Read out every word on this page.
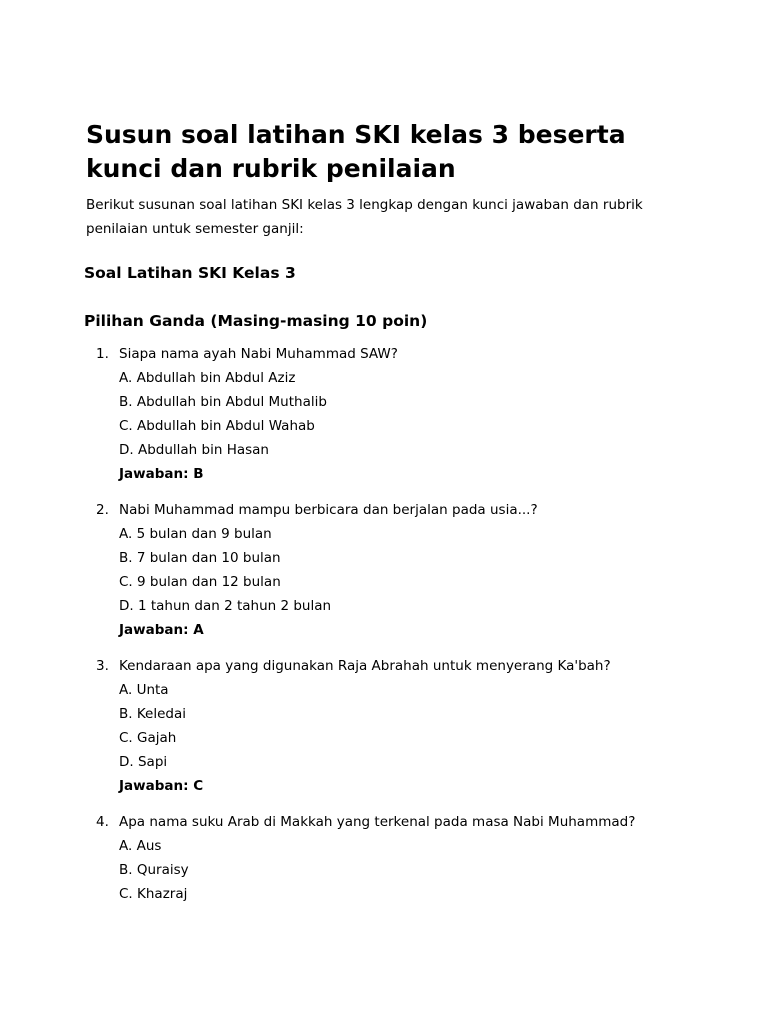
Susun soal latihan SKI kelas 3 beserta kunci dan rubrik penilaian

Berikut susunan soal latihan SKI kelas 3 lengkap dengan kunci jawaban dan rubrik penilaian untuk semester ganjil:

Soal Latihan SKI Kelas 3
Pilihan Ganda (Masing-masing 10 poin)
1. Siapa nama ayah Nabi Muhammad SAW?
A. Abdullah bin Abdul Aziz
B. Abdullah bin Abdul Muthalib
C. Abdullah bin Abdul Wahab
D. Abdullah bin Hasan
Jawaban: B
2. Nabi Muhammad mampu berbicara dan berjalan pada usia...?
A. 5 bulan dan 9 bulan
B. 7 bulan dan 10 bulan
C. 9 bulan dan 12 bulan
D. 1 tahun dan 2 tahun 2 bulan
Jawaban: A
3. Kendaraan apa yang digunakan Raja Abrahah untuk menyerang Ka'bah?
A. Unta
B. Keledai
C. Gajah
D. Sapi
Jawaban: C
4. Apa nama suku Arab di Makkah yang terkenal pada masa Nabi Muhammad?
A. Aus
B. Quraisy
C. Khazraj
